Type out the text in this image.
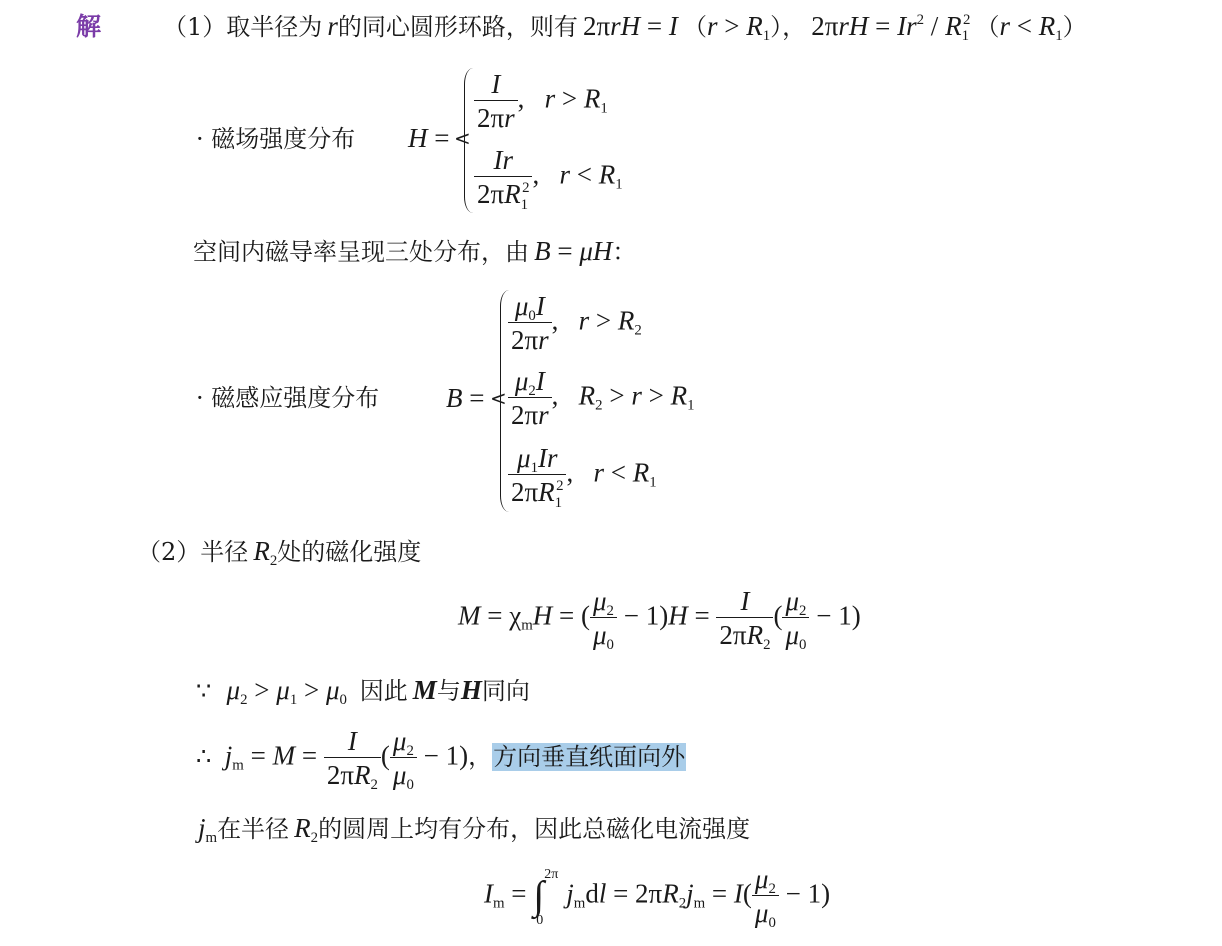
解	（1）取半径为 r的同心圆形环路，则有 2πrH = I $(r > R_1)$， $2\pi rH = Ir^2 / R_1^2$ $(r < R_1)$
· 磁场强度分布 H = <
$\frac{I}{2\pi r}$ ,   $r > R_1$
$\frac{Ir}{2\pi R_1^2}$ ,   $r < R_1$
空间内磁导率呈现三处分布，由 B = μH：
· 磁感应强度分布 B = <
$\frac{\mu_0I}{2\pi r}$ ,   $r > R_2$
$\frac{\mu_2I}{2\pi r}$ ,   $R_2 > r > R_1$
$\frac{\mu_1Ir}{2\pi R_1^2}$ ,   $r < R_1$
（2）半径 $R_2$处的磁化强度
$M = \chi_mH$ = ( $\frac{\mu_2}{\mu_0} - 1)H = \frac{I}{2\pi R_2}$ ( $\frac{\mu_2}{\mu_0} - 1$)
∵ $\mu_2 > \mu_1 > \mu_0$  因此 M与H同向
∴ $j_m = M = \frac{I}{2\pi R_2}$ ( $\frac{\mu_2}{\mu_0} - 1$)，方向垂直纸面向外
$j_m$在半径 $R_2$的圆周上均有分布，因此总磁化电流强度
$I_m$ = ∫ 2π
0
$j_mdl = 2\pi R_2j_m = I( \frac{\mu_2}{\mu_0} - 1)$
